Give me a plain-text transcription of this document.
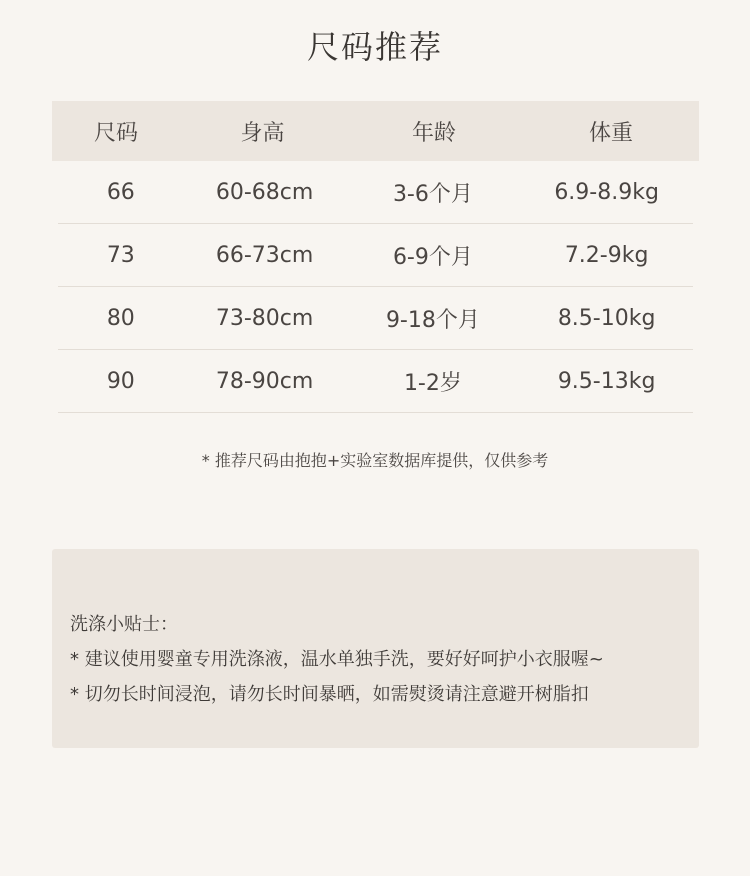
尺码推荐
尺码	身高	年龄	体重
66	60-68cm	3-6个月	6.9-8.9kg
73	66-73cm	6-9个月	7.2-9kg
80	73-80cm	9-18个月	8.5-10kg
90	78-90cm	1-2岁	9.5-13kg
* 推荐尺码由抱抱+实验室数据库提供，仅供参考
洗涤小贴士：
* 建议使用婴童专用洗涤液，温水单独手洗，要好好呵护小衣服喔~
* 切勿长时间浸泡，请勿长时间暴晒，如需熨烫请注意避开树脂扣
